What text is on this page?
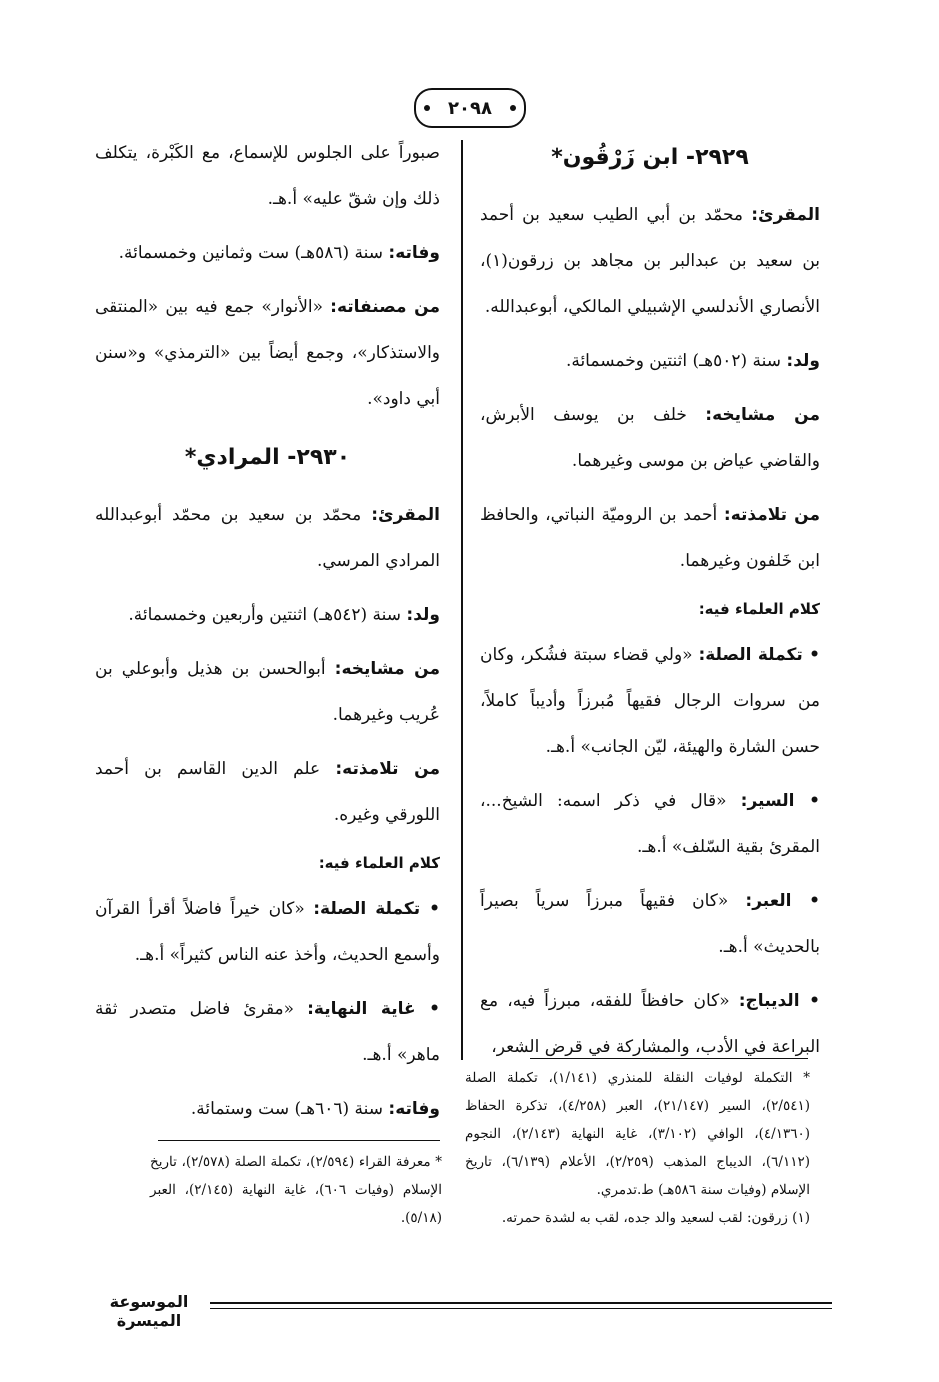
٢٠٩٨
٢٩٢٩- ابن زَرْقُون*

المقرئ: محمّد بن أبي الطيب سعيد بن أحمد بن سعيد بن عبدالبر بن مجاهد بن زرقون(١)، الأنصاري الأندلسي الإشبيلي المالكي، أبوعبدالله.

ولد: سنة (٥٠٢هـ) اثنتين وخمسمائة.

من مشايخه: خلف بن يوسف الأبرش، والقاضي عياض بن موسى وغيرهما.

من تلامذته: أحمد بن الروميّة النباتي، والحافظ ابن خَلفون وغيرهما.

كلام العلماء فيه:

• تكملة الصلة: «ولي قضاء سبتة فشُكر، وكان من سروات الرجال فقيهاً مُبرزاً وأديباً كاملاً، حسن الشارة والهيئة، ليّن الجانب» أ.هـ.

• السير: «قال في ذكر اسمه: الشيخ...، المقرئ بقية السّلف» أ.هـ.

• العبر: «كان فقيهاً مبرزاً سرياً بصيراً بالحديث» أ.هـ.

• الديباج: «كان حافظاً للفقه، مبرزاً فيه، مع البراعة في الأدب، والمشاركة في قرض الشعر،

* التكملة لوفيات النقلة للمنذري (١/١٤١)، تكملة الصلة (٢/٥٤١)، السير (٢١/١٤٧)، العبر (٤/٢٥٨)، تذكرة الحفاظ (٤/١٣٦٠)، الوافي (٣/١٠٢)، غاية النهاية (٢/١٤٣)، النجوم (٦/١١٢)، الديباج المذهب (٢/٢٥٩)، الأعلام (٦/١٣٩)، تاريخ الإسلام (وفيات سنة ٥٨٦هـ) ط.تدمري.

(١) زرقون: لقب لسعيد والد جده، لقب به لشدة حمرته.

صبوراً على الجلوس للإسماع، مع الكَبْرة، يتكلف ذلك وإن شقّ عليه» أ.هـ.

وفاته: سنة (٥٨٦هـ) ست وثمانين وخمسمائة.

من مصنفاته: «الأنوار» جمع فيه بين «المنتقى والاستذكار»، وجمع أيضاً بين «الترمذي» و«سنن أبي داود».

٢٩٣٠- المرادي*

المقرئ: محمّد بن سعيد بن محمّد أبوعبدالله المرادي المرسي.

ولد: سنة (٥٤٢هـ) اثنتين وأربعين وخمسمائة.

من مشايخه: أبوالحسن بن هذيل وأبوعلي بن عُريب وغيرهما.

من تلامذته: علم الدين القاسم بن أحمد اللورقي وغيره.

كلام العلماء فيه:

• تكملة الصلة: «كان خيراً فاضلاً أقرأ القرآن وأسمع الحديث، وأخذ عنه الناس كثيراً» أ.هـ.

• غاية النهاية: «مقرئ فاضل متصدر ثقة ماهر» أ.هـ.

وفاته: سنة (٦٠٦هـ) ست وستمائة.

* معرفة القراء (٢/٥٩٤)، تكملة الصلة (٢/٥٧٨)، تاريخ الإسلام (وفيات ٦٠٦)، غاية النهاية (٢/١٤٥)، العبر (٥/١٨).

الموسوعة الميسرة
